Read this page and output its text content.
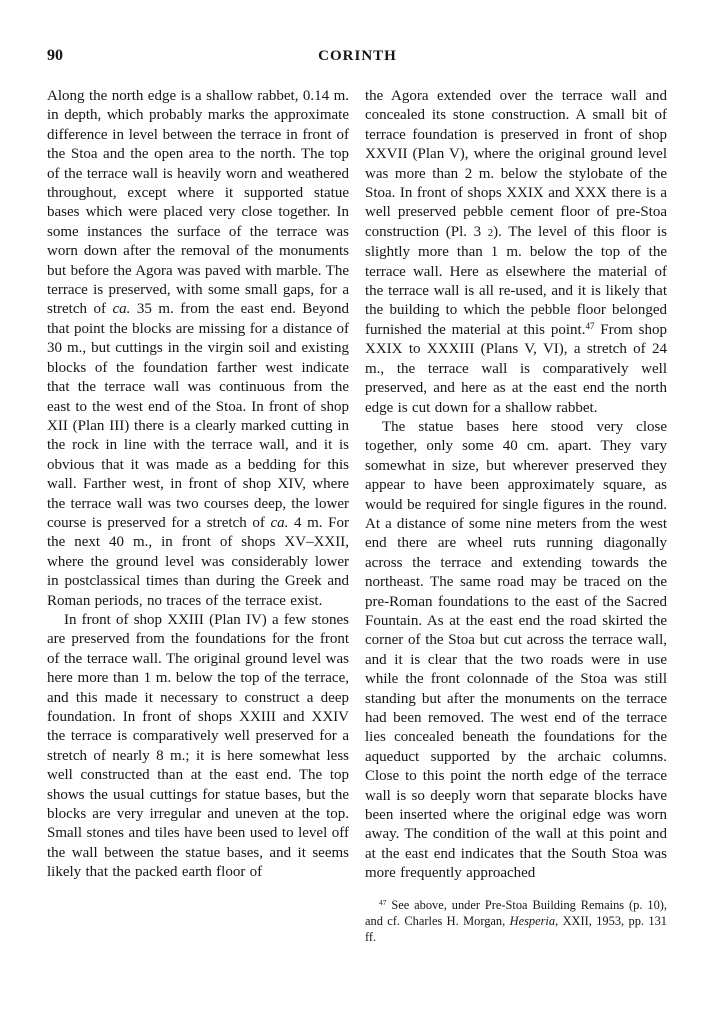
90	CORINTH

Along the north edge is a shallow rabbet, 0.14 m. in depth, which probably marks the approximate difference in level between the terrace in front of the Stoa and the open area to the north. The top of the terrace wall is heavily worn and weathered throughout, except where it supported statue bases which were placed very close together. In some instances the surface of the terrace was worn down after the removal of the monuments but before the Agora was paved with marble. The terrace is preserved, with some small gaps, for a stretch of ca. 35 m. from the east end. Beyond that point the blocks are missing for a distance of 30 m., but cuttings in the virgin soil and existing blocks of the foundation farther west indicate that the terrace wall was continuous from the east to the west end of the Stoa. In front of shop XII (Plan III) there is a clearly marked cutting in the rock in line with the terrace wall, and it is obvious that it was made as a bedding for this wall. Farther west, in front of shop XIV, where the terrace wall was two courses deep, the lower course is preserved for a stretch of ca. 4 m. For the next 40 m., in front of shops XV–XXII, where the ground level was considerably lower in postclassical times than during the Greek and Roman periods, no traces of the terrace exist.

In front of shop XXIII (Plan IV) a few stones are preserved from the foundations for the front of the terrace wall. The original ground level was here more than 1 m. below the top of the terrace, and this made it necessary to construct a deep foundation. In front of shops XXIII and XXIV the terrace is comparatively well preserved for a stretch of nearly 8 m.; it is here somewhat less well constructed than at the east end. The top shows the usual cuttings for statue bases, but the blocks are very irregular and uneven at the top. Small stones and tiles have been used to level off the wall between the statue bases, and it seems likely that the packed earth floor of

the Agora extended over the terrace wall and concealed its stone construction. A small bit of terrace foundation is preserved in front of shop XXVII (Plan V), where the original ground level was more than 2 m. below the stylobate of the Stoa. In front of shops XXIX and XXX there is a well preserved pebble cement floor of pre-Stoa construction (Pl. 3 2). The level of this floor is slightly more than 1 m. below the top of the terrace wall. Here as elsewhere the material of the terrace wall is all re-used, and it is likely that the building to which the pebble floor belonged furnished the material at this point.$^{47}$ From shop XXIX to XXXIII (Plans V, VI), a stretch of 24 m., the terrace wall is comparatively well preserved, and here as at the east end the north edge is cut down for a shallow rabbet.

The statue bases here stood very close together, only some 40 cm. apart. They vary somewhat in size, but wherever preserved they appear to have been approximately square, as would be required for single figures in the round. At a distance of some nine meters from the west end there are wheel ruts running diagonally across the terrace and extending towards the northeast. The same road may be traced on the pre-Roman foundations to the east of the Sacred Fountain. As at the east end the road skirted the corner of the Stoa but cut across the terrace wall, and it is clear that the two roads were in use while the front colonnade of the Stoa was still standing but after the monuments on the terrace had been removed. The west end of the terrace lies concealed beneath the foundations for the aqueduct supported by the archaic columns. Close to this point the north edge of the terrace wall is so deeply worn that separate blocks have been inserted where the original edge was worn away. The condition of the wall at this point and at the east end indicates that the South Stoa was more frequently approached

$^{47}$ See above, under Pre-Stoa Building Remains (p. 10), and cf. Charles H. Morgan, Hesperia, XXII, 1953, pp. 131 ff.
